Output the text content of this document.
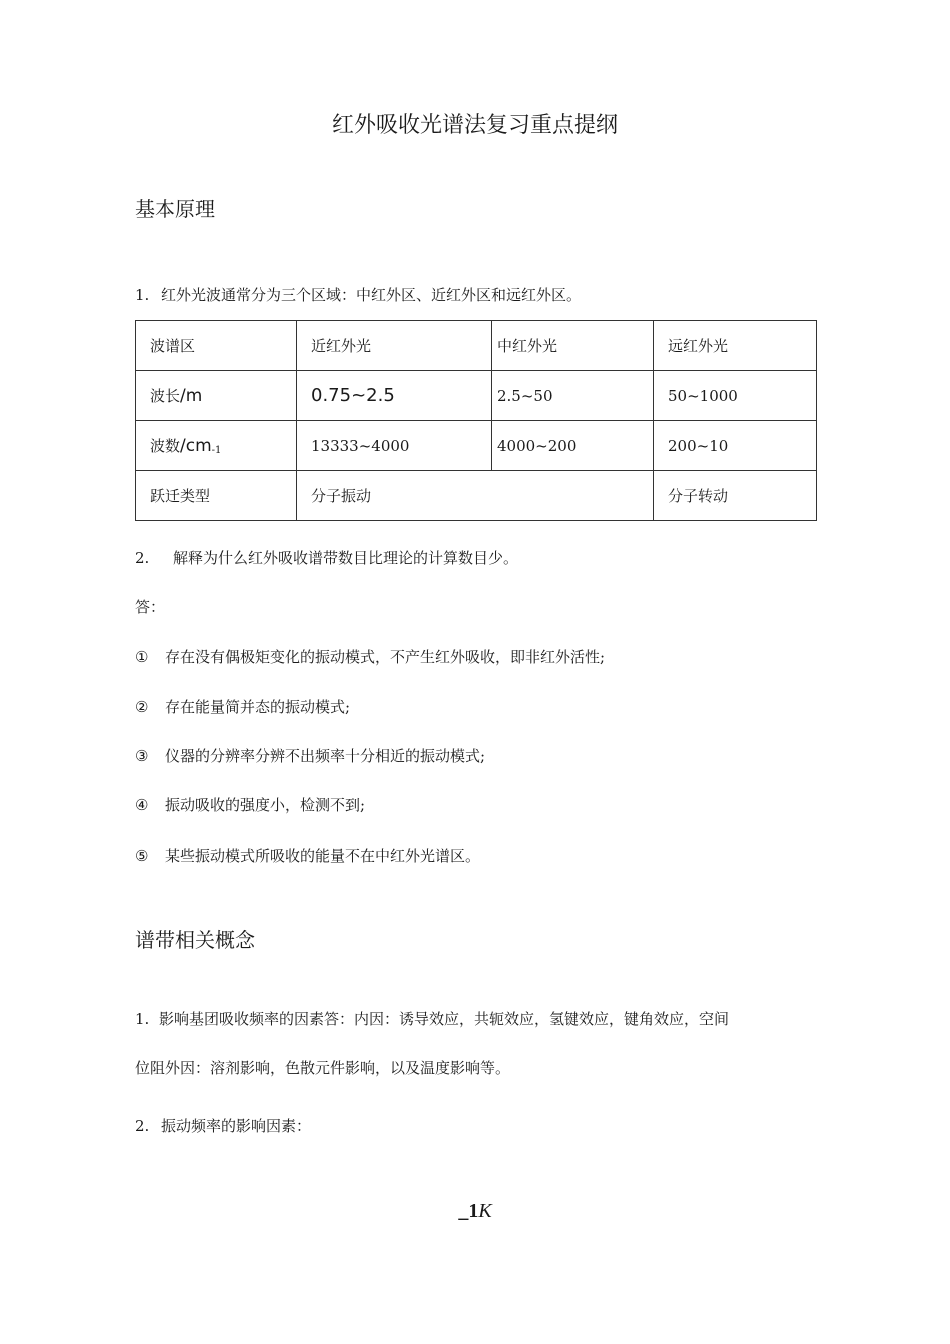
红外吸收光谱法复习重点提纲
基本原理
1. 红外光波通常分为三个区域：中红外区、近红外区和远红外区。
波谱区	近红外光	中红外光	远红外光
波长/m	0.75~2.5	2.5~50	50~1000
波数$/cm_{-1}$	13333~4000	4000~200	200~10
跃迁类型	分子振动		分子转动
2. 解释为什么红外吸收谱带数目比理论的计算数目少。
答：
① 存在没有偶极矩变化的振动模式，不产生红外吸收，即非红外活性;
② 存在能量简并态的振动模式;
③ 仪器的分辨率分辨不出频率十分相近的振动模式;
④ 振动吸收的强度小，检测不到;
⑤ 某些振动模式所吸收的能量不在中红外光谱区。
谱带相关概念
1. 影响基团吸收频率的因素答：内因：诱导效应，共轭效应，氢键效应，键角效应，空间
位阻外因：溶剂影响，色散元件影响，以及温度影响等。
2. 振动频率的影响因素：
_1K
